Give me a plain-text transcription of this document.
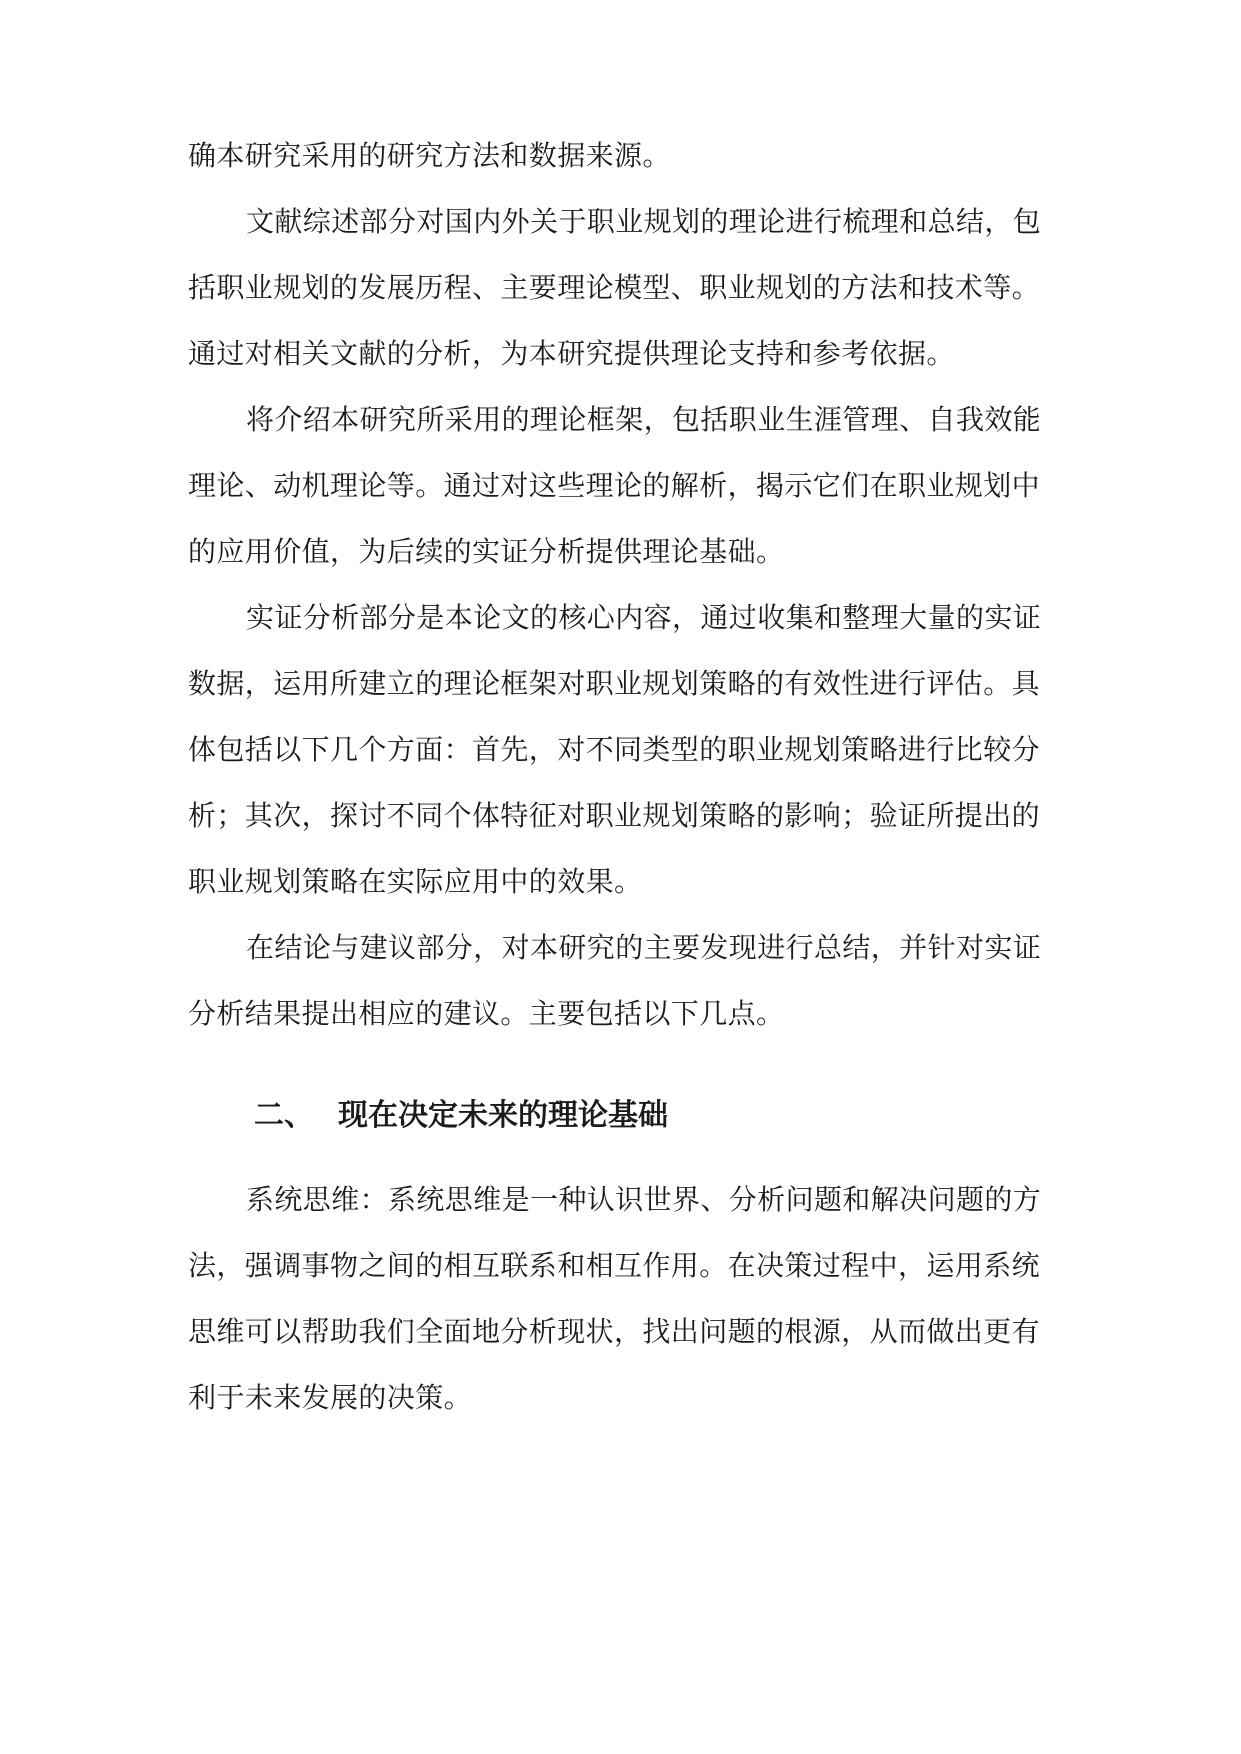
确本研究采用的研究方法和数据来源。
文献综述部分对国内外关于职业规划的理论进行梳理和总结，包
括职业规划的发展历程、主要理论模型、职业规划的方法和技术等。
通过对相关文献的分析，为本研究提供理论支持和参考依据。
将介绍本研究所采用的理论框架，包括职业生涯管理、自我效能
理论、动机理论等。通过对这些理论的解析，揭示它们在职业规划中
的应用价值，为后续的实证分析提供理论基础。
实证分析部分是本论文的核心内容，通过收集和整理大量的实证
数据，运用所建立的理论框架对职业规划策略的有效性进行评估。具
体包括以下几个方面：首先，对不同类型的职业规划策略进行比较分
析；其次，探讨不同个体特征对职业规划策略的影响；验证所提出的
职业规划策略在实际应用中的效果。
在结论与建议部分，对本研究的主要发现进行总结，并针对实证
分析结果提出相应的建议。主要包括以下几点。
二、 现在决定未来的理论基础
系统思维：系统思维是一种认识世界、分析问题和解决问题的方
法，强调事物之间的相互联系和相互作用。在决策过程中，运用系统
思维可以帮助我们全面地分析现状，找出问题的根源，从而做出更有
利于未来发展的决策。
